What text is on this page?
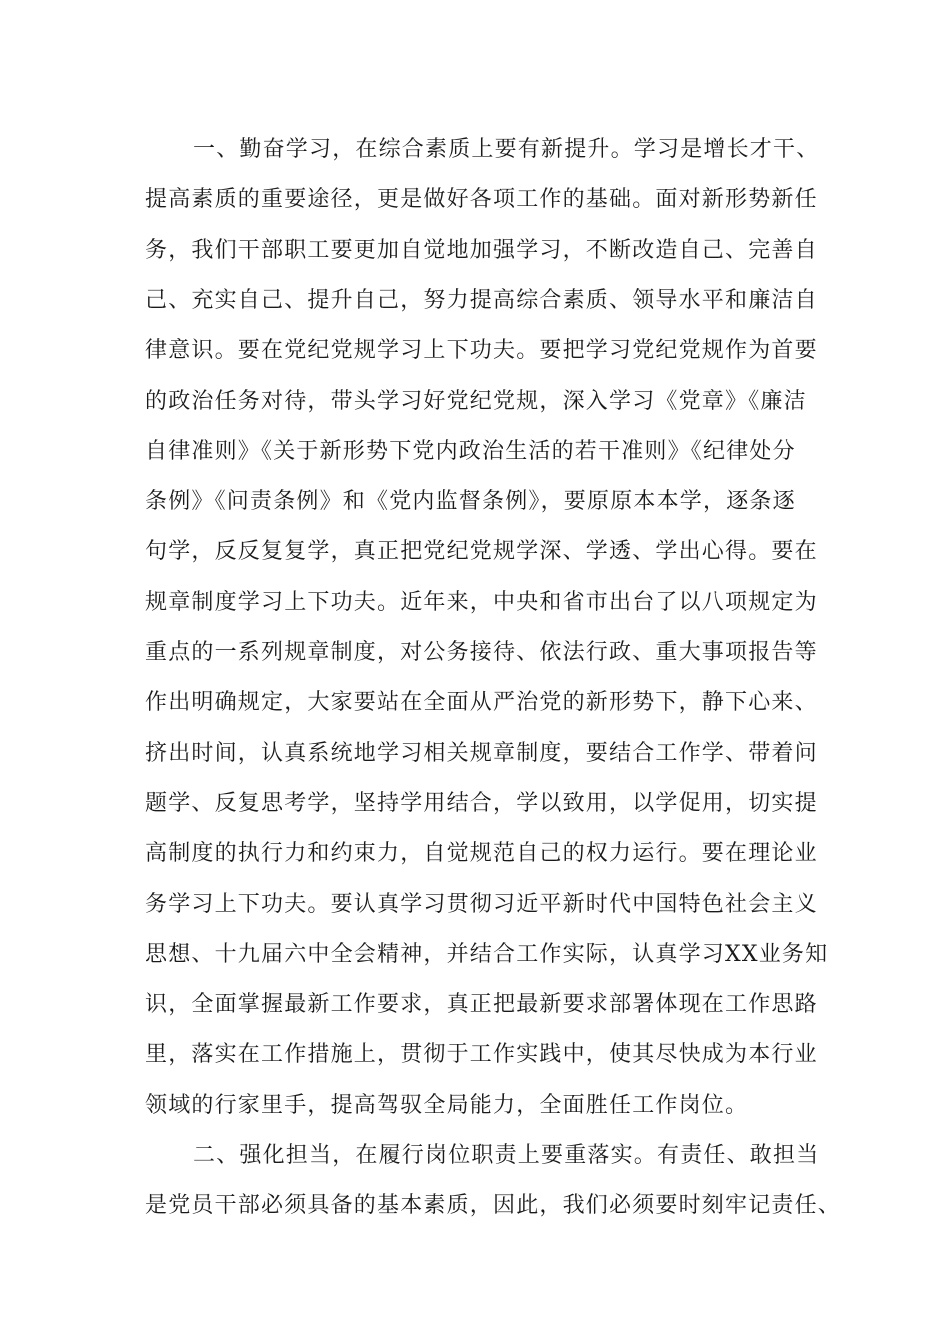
一、勤奋学习，在综合素质上要有新提升。学习是增长才干、
提高素质的重要途径，更是做好各项工作的基础。面对新形势新任
务，我们干部职工要更加自觉地加强学习，不断改造自己、完善自
己、充实自己、提升自己，努力提高综合素质、领导水平和廉洁自
律意识。要在党纪党规学习上下功夫。要把学习党纪党规作为首要
的政治任务对待，带头学习好党纪党规，深入学习《党章》《廉洁
自律准则》《关于新形势下党内政治生活的若干准则》《纪律处分
条例》《问责条例》和《党内监督条例》，要原原本本学，逐条逐
句学，反反复复学，真正把党纪党规学深、学透、学出心得。要在
规章制度学习上下功夫。近年来，中央和省市出台了以八项规定为
重点的一系列规章制度，对公务接待、依法行政、重大事项报告等
作出明确规定，大家要站在全面从严治党的新形势下，静下心来、
挤出时间，认真系统地学习相关规章制度，要结合工作学、带着问
题学、反复思考学，坚持学用结合，学以致用，以学促用，切实提
高制度的执行力和约束力，自觉规范自己的权力运行。要在理论业
务学习上下功夫。要认真学习贯彻习近平新时代中国特色社会主义
思想、十九届六中全会精神，并结合工作实际，认真学习XX业务知
识，全面掌握最新工作要求，真正把最新要求部署体现在工作思路
里，落实在工作措施上，贯彻于工作实践中，使其尽快成为本行业
领域的行家里手，提高驾驭全局能力，全面胜任工作岗位。
二、强化担当，在履行岗位职责上要重落实。有责任、敢担当
是党员干部必须具备的基本素质，因此，我们必须要时刻牢记责任、
